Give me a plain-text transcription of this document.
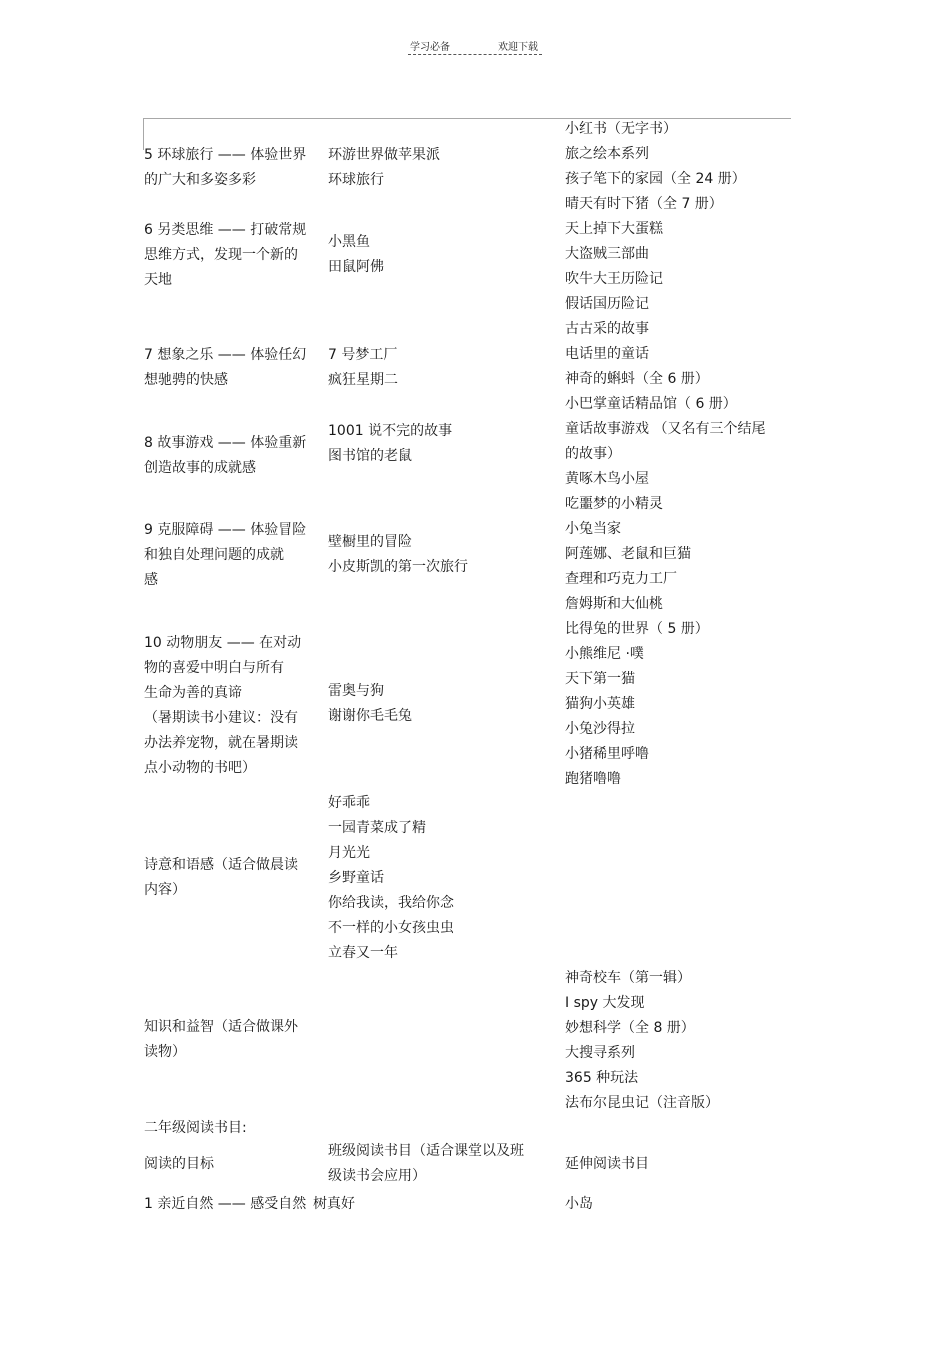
学习必备	欢迎下载
5 环球旅行 —— 体验世界
的广大和多姿多彩
6 另类思维 —— 打破常规
思维方式，发现一个新的
天地
7 想象之乐 —— 体验任幻
想驰骋的快感
8 故事游戏 —— 体验重新
创造故事的成就感
9 克服障碍 —— 体验冒险
和独自处理问题的成就
感
10 动物朋友 —— 在对动
物的喜爱中明白与所有
生命为善的真谛
（暑期读书小建议：没有
办法养宠物，就在暑期读
点小动物的书吧）
诗意和语感（适合做晨读
内容）
知识和益智（适合做课外
读物）
环游世界做苹果派
环球旅行
小黑鱼
田鼠阿佛
7 号梦工厂
疯狂星期二
1001 说不完的故事
图书馆的老鼠
壁橱里的冒险
小皮斯凯的第一次旅行
雷奥与狗
谢谢你毛毛兔
好乖乖
一园青菜成了精
月光光
乡野童话
你给我读，我给你念
不一样的小女孩虫虫
立春又一年
小红书（无字书）
旅之绘本系列
孩子笔下的家园（全 24 册）
晴天有时下猪（全 7 册）
天上掉下大蛋糕
大盗贼三部曲
吹牛大王历险记
假话国历险记
古古采的故事
电话里的童话
神奇的蝌蚪（全 6 册）
小巴掌童话精品馆（ 6 册）
童话故事游戏 （又名有三个结尾
的故事）
黄啄木鸟小屋
吃噩梦的小精灵
小兔当家
阿莲娜、老鼠和巨猫
查理和巧克力工厂
詹姆斯和大仙桃
比得兔的世界（ 5 册）
小熊维尼 ·噗
天下第一猫
猫狗小英雄
小兔沙得拉
小猪稀里呼噜
跑猪噜噜
神奇校车（第一辑）
I spy 大发现
妙想科学（全 8 册）
大搜寻系列
365 种玩法
法布尔昆虫记（注音版）
二年级阅读书目:
阅读的目标
班级阅读书目（适合课堂以及班
级读书会应用）
延伸阅读书目
1 亲近自然 —— 感受自然 树真好	小岛
